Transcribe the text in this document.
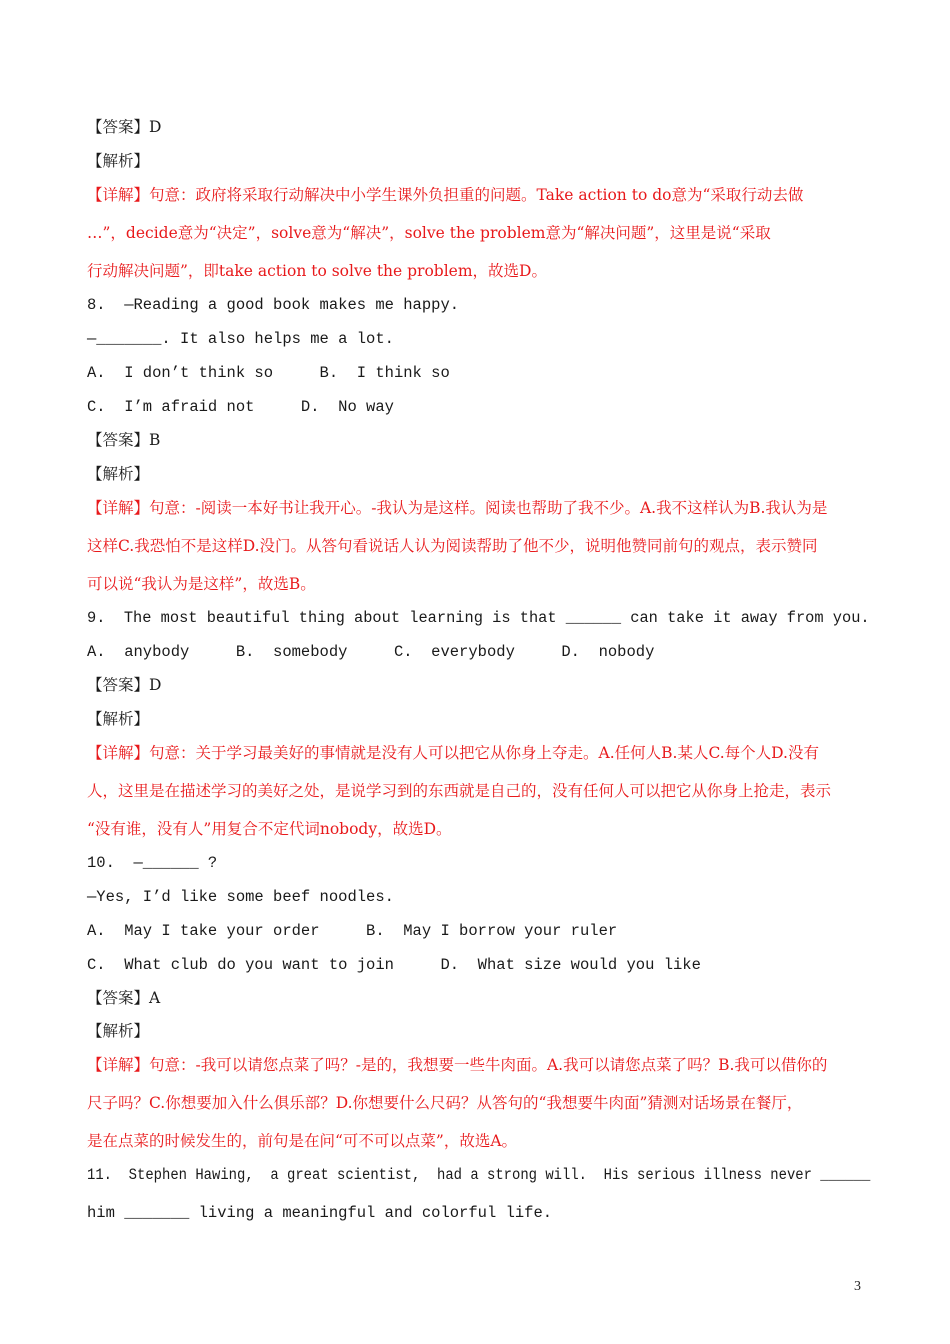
【答案】D
【解析】
【详解】句意：政府将采取行动解决中小学生课外负担重的问题。Take action to do意为“采取行动去做
…”，decide意为“决定”，solve意为“解决”，solve the problem意为“解决问题”，这里是说“采取
行动解决问题”，即take action to solve the problem，故选D。
8.  —Reading a good book makes me happy.
—_______. It also helps me a lot.
A.  I don’t think so     B.  I think so
C.  I’m afraid not     D.  No way
【答案】B
【解析】
【详解】句意：-阅读一本好书让我开心。-我认为是这样。阅读也帮助了我不少。A.我不这样认为B.我认为是
这样C.我恐怕不是这样D.没门。从答句看说话人认为阅读帮助了他不少，说明他赞同前句的观点，表示赞同
可以说“我认为是这样”，故选B。
9.  The most beautiful thing about learning is that ______ can take it away from you.
A.  anybody     B.  somebody     C.  everybody     D.  nobody
【答案】D
【解析】
【详解】句意：关于学习最美好的事情就是没有人可以把它从你身上夺走。A.任何人B.某人C.每个人D.没有
人，这里是在描述学习的美好之处，是说学习到的东西就是自己的，没有任何人可以把它从你身上抢走，表示
“没有谁，没有人”用复合不定代词nobody，故选D。
10.  —______ ?
—Yes, I’d like some beef noodles.
A.  May I take your order     B.  May I borrow your ruler
C.  What club do you want to join     D.  What size would you like
【答案】A
【解析】
【详解】句意：-我可以请您点菜了吗？-是的，我想要一些牛肉面。A.我可以请您点菜了吗？B.我可以借你的
尺子吗？C.你想要加入什么俱乐部？D.你想要什么尺码？从答句的“我想要牛肉面”猜测对话场景在餐厅，
是在点菜的时候发生的，前句是在问“可不可以点菜”，故选A。
11.  Stephen Hawing,  a great scientist,  had a strong will.  His serious illness never ______
him _______ living a meaningful and colorful life.
3
